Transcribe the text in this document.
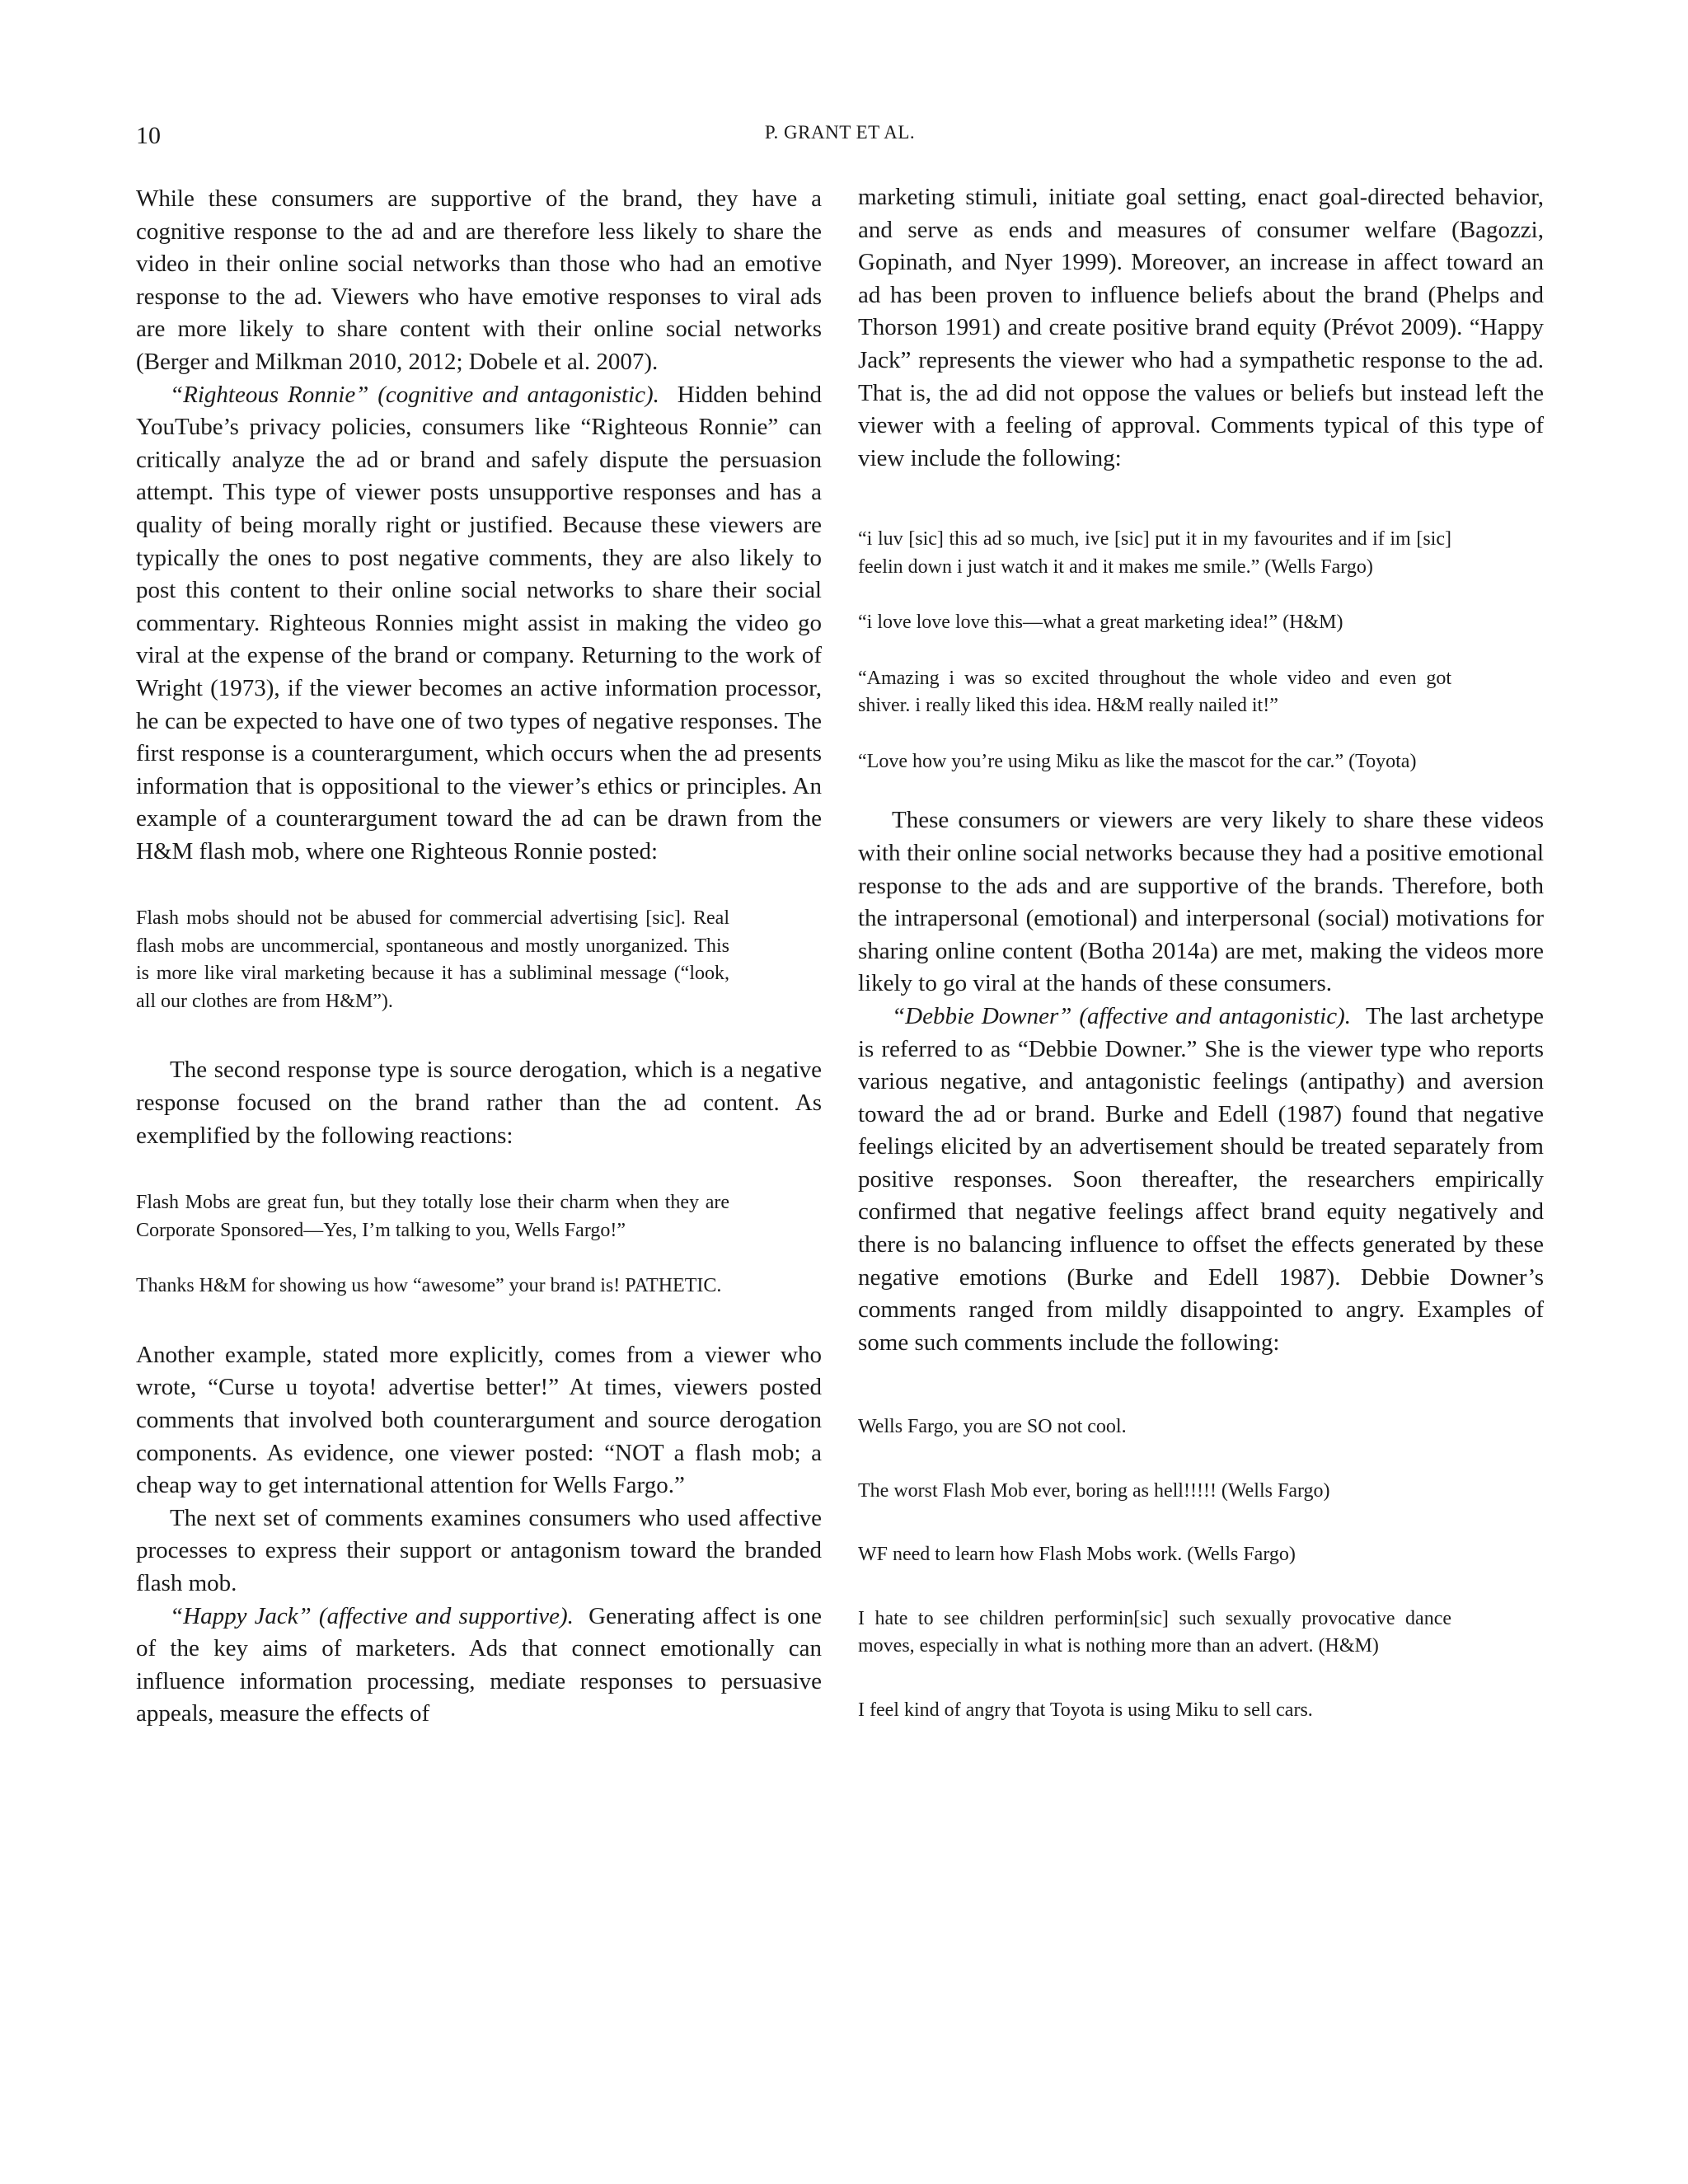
10	P. GRANT ET AL.

While these consumers are supportive of the brand, they have a cognitive response to the ad and are therefore less likely to share the video in their online social networks than those who had an emotive response to the ad. Viewers who have emotive responses to viral ads are more likely to share content with their online social networks (Berger and Milkman 2010, 2012; Dobele et al. 2007).

“Righteous Ronnie” (cognitive and antagonistic). Hidden behind YouTube’s privacy policies, consumers like “Righteous Ronnie” can critically analyze the ad or brand and safely dispute the persuasion attempt. This type of viewer posts unsupportive responses and has a quality of being morally right or justified. Because these viewers are typically the ones to post negative comments, they are also likely to post this content to their online social networks to share their social commentary. Righteous Ronnies might assist in making the video go viral at the expense of the brand or company. Returning to the work of Wright (1973), if the viewer becomes an active information processor, he can be expected to have one of two types of negative responses. The first response is a counterargument, which occurs when the ad presents information that is oppositional to the viewer’s ethics or principles. An example of a counterargument toward the ad can be drawn from the H&M flash mob, where one Righteous Ronnie posted:

Flash mobs should not be abused for commercial advertising [sic]. Real flash mobs are uncommercial, spontaneous and mostly unorganized. This is more like viral marketing because it has a subliminal message (“look, all our clothes are from H&M”).

The second response type is source derogation, which is a negative response focused on the brand rather than the ad content. As exemplified by the following reactions:

Flash Mobs are great fun, but they totally lose their charm when they are Corporate Sponsored—Yes, I’m talking to you, Wells Fargo!”

Thanks H&M for showing us how “awesome” your brand is! PATHETIC.

Another example, stated more explicitly, comes from a viewer who wrote, “Curse u toyota! advertise better!” At times, viewers posted comments that involved both counterargument and source derogation components. As evidence, one viewer posted: “NOT a flash mob; a cheap way to get international attention for Wells Fargo.”

The next set of comments examines consumers who used affective processes to express their support or antagonism toward the branded flash mob.

“Happy Jack” (affective and supportive). Generating affect is one of the key aims of marketers. Ads that connect emotionally can influence information processing, mediate responses to persuasive appeals, measure the effects of

marketing stimuli, initiate goal setting, enact goal-directed behavior, and serve as ends and measures of consumer welfare (Bagozzi, Gopinath, and Nyer 1999). Moreover, an increase in affect toward an ad has been proven to influence beliefs about the brand (Phelps and Thorson 1991) and create positive brand equity (Prévot 2009). “Happy Jack” represents the viewer who had a sympathetic response to the ad. That is, the ad did not oppose the values or beliefs but instead left the viewer with a feeling of approval. Comments typical of this type of view include the following:

“i luv [sic] this ad so much, ive [sic] put it in my favourites and if im [sic] feelin down i just watch it and it makes me smile.” (Wells Fargo)

“i love love love this—what a great marketing idea!” (H&M)

“Amazing i was so excited throughout the whole video and even got shiver. i really liked this idea. H&M really nailed it!”

“Love how you’re using Miku as like the mascot for the car.” (Toyota)

These consumers or viewers are very likely to share these videos with their online social networks because they had a positive emotional response to the ads and are supportive of the brands. Therefore, both the intrapersonal (emotional) and interpersonal (social) motivations for sharing online content (Botha 2014a) are met, making the videos more likely to go viral at the hands of these consumers.

“Debbie Downer” (affective and antagonistic). The last archetype is referred to as “Debbie Downer.” She is the viewer type who reports various negative, and antagonistic feelings (antipathy) and aversion toward the ad or brand. Burke and Edell (1987) found that negative feelings elicited by an advertisement should be treated separately from positive responses. Soon thereafter, the researchers empirically confirmed that negative feelings affect brand equity negatively and there is no balancing influence to offset the effects generated by these negative emotions (Burke and Edell 1987). Debbie Downer’s comments ranged from mildly disappointed to angry. Examples of some such comments include the following:

Wells Fargo, you are SO not cool.

The worst Flash Mob ever, boring as hell!!!!! (Wells Fargo)

WF need to learn how Flash Mobs work. (Wells Fargo)

I hate to see children performin[sic] such sexually provocative dance moves, especially in what is nothing more than an advert. (H&M)

I feel kind of angry that Toyota is using Miku to sell cars.
